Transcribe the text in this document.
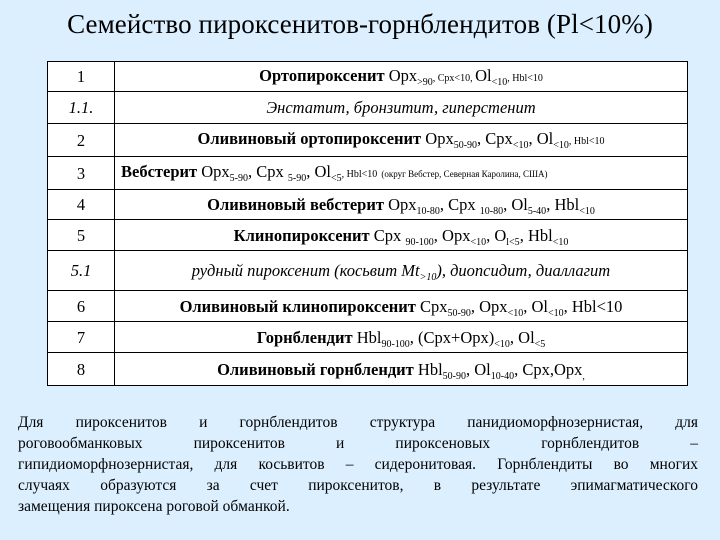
Семейство пироксенитов-горнблендитов (Pl<10%)
1	Ортопироксенит Opx$_{>90}$, Cpx<10, $Ol_{<10}$, Hbl<10
1.1.	Энстатит, бронзитит, гиперстенит
2	Оливиновый ортопироксенит Opx$_{50-90}$, Cpx$_{<10}$, $Ol_{<10}$, Hbl<10
3	Вебстерит Opx$_{5-90}$, Cpx $_{5-90}$, $Ol_{<5}$, Hbl<10 (округ Вебстер, Северная Каролина, США)
4	Оливиновый вебстерит Opx$_{10-80}$, Cpx $_{10-80}$, $Ol_{5-40}$, Hbl$_{<10}$
5	Клинопироксенит Cpx $_{90-100}$, Opx$_{<10}$, $O_{l<5}$, Hbl$_{<10}$
5.1	рудный пироксенит (косьвит $Mt_{>10}$), диопсидит, диаллагит
6	Оливиновый клинопироксенит Cpx$_{50-90}$, Opx$_{<10}$, $Ol_{<10}$, Hbl<10
7	Горнблендит Hbl$_{90-100}$, $(Cpx+Opx)_{<10}$, $Ol_{<5}$
8	Оливиновый горнблендит Hbl$_{50-90}$, $Ol_{10-40}$, Cpx,Opx$_,$
Для пироксенитов и горнблендитов структура панидиоморфнозернистая, для
роговообманковых пироксенитов и пироксеновых горнблендитов –
гипидиоморфнозернистая, для косьвитов – сидеронитовая. Горнблендиты во многих
случаях образуются за счет пироксенитов, в результате эпимагматического
замещения пироксена роговой обманкой.
